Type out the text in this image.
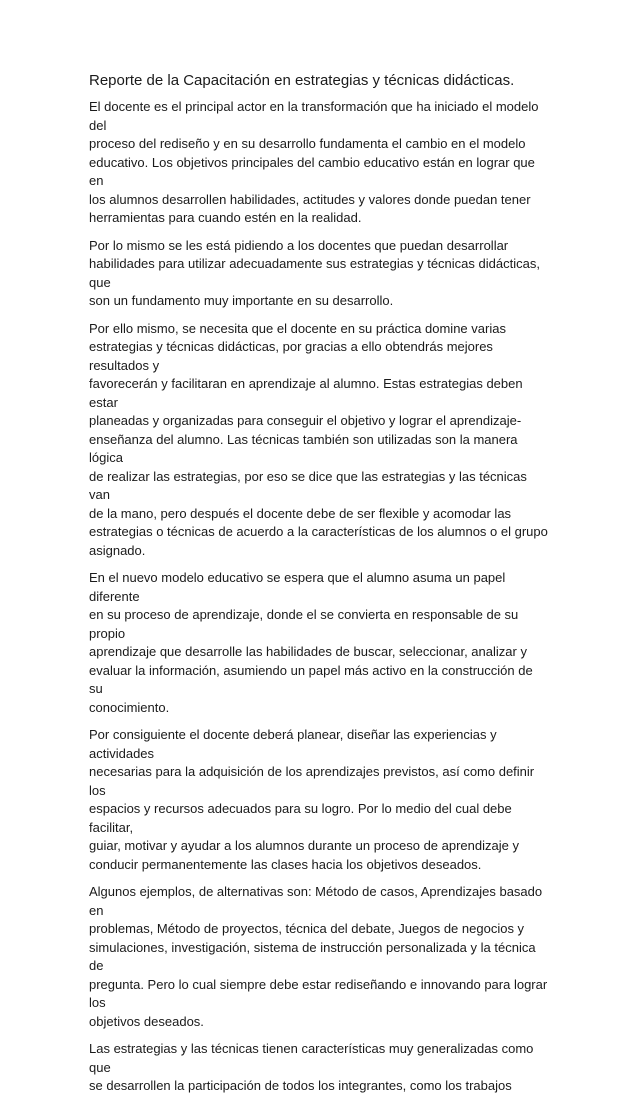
Reporte de la Capacitación en estrategias y técnicas didácticas.

El docente es el principal actor en la transformación que ha iniciado el modelo del
proceso del rediseño y en su desarrollo fundamenta el cambio en el modelo
educativo. Los objetivos principales del cambio educativo están en lograr que en
los alumnos desarrollen habilidades, actitudes y valores donde puedan tener
herramientas para cuando estén en la realidad.

Por lo mismo se les está pidiendo a los docentes que puedan desarrollar
habilidades para utilizar adecuadamente sus estrategias y técnicas didácticas, que
son un fundamento muy importante en su desarrollo.

Por ello mismo, se necesita que el docente en su práctica domine varias
estrategias y técnicas didácticas, por gracias a ello obtendrás mejores resultados y
favorecerán y facilitaran en aprendizaje al alumno. Estas estrategias deben estar
planeadas y organizadas para conseguir el objetivo y lograr el aprendizaje-
enseñanza del alumno. Las técnicas también son utilizadas son la manera lógica
de realizar las estrategias, por eso se dice que las estrategias y las técnicas van
de la mano, pero después el docente debe de ser flexible y acomodar las
estrategias o técnicas de acuerdo a la características de los alumnos o el grupo
asignado.

En el nuevo modelo educativo se espera que el alumno asuma un papel diferente
en su proceso de aprendizaje, donde el se convierta en responsable de su propio
aprendizaje que desarrolle las habilidades de buscar, seleccionar, analizar y
evaluar la información, asumiendo un papel más activo en la construcción de su
conocimiento.

Por consiguiente el docente deberá planear, diseñar las experiencias y actividades
necesarias para la adquisición de los aprendizajes previstos, así como definir los
espacios y recursos adecuados para su logro. Por lo medio del cual debe facilitar,
guiar, motivar y ayudar a los alumnos durante un proceso de aprendizaje y
conducir permanentemente las clases hacia los objetivos deseados.

Algunos ejemplos, de alternativas son: Método de casos, Aprendizajes basado en
problemas, Método de proyectos, técnica del debate, Juegos de negocios y
simulaciones, investigación, sistema de instrucción personalizada y la técnica de
pregunta. Pero lo cual siempre debe estar rediseñando e innovando para lograr los
objetivos deseados.

Las estrategias y las técnicas tienen características muy generalizadas como que
se desarrollen la participación de todos los integrantes, como los trabajos
